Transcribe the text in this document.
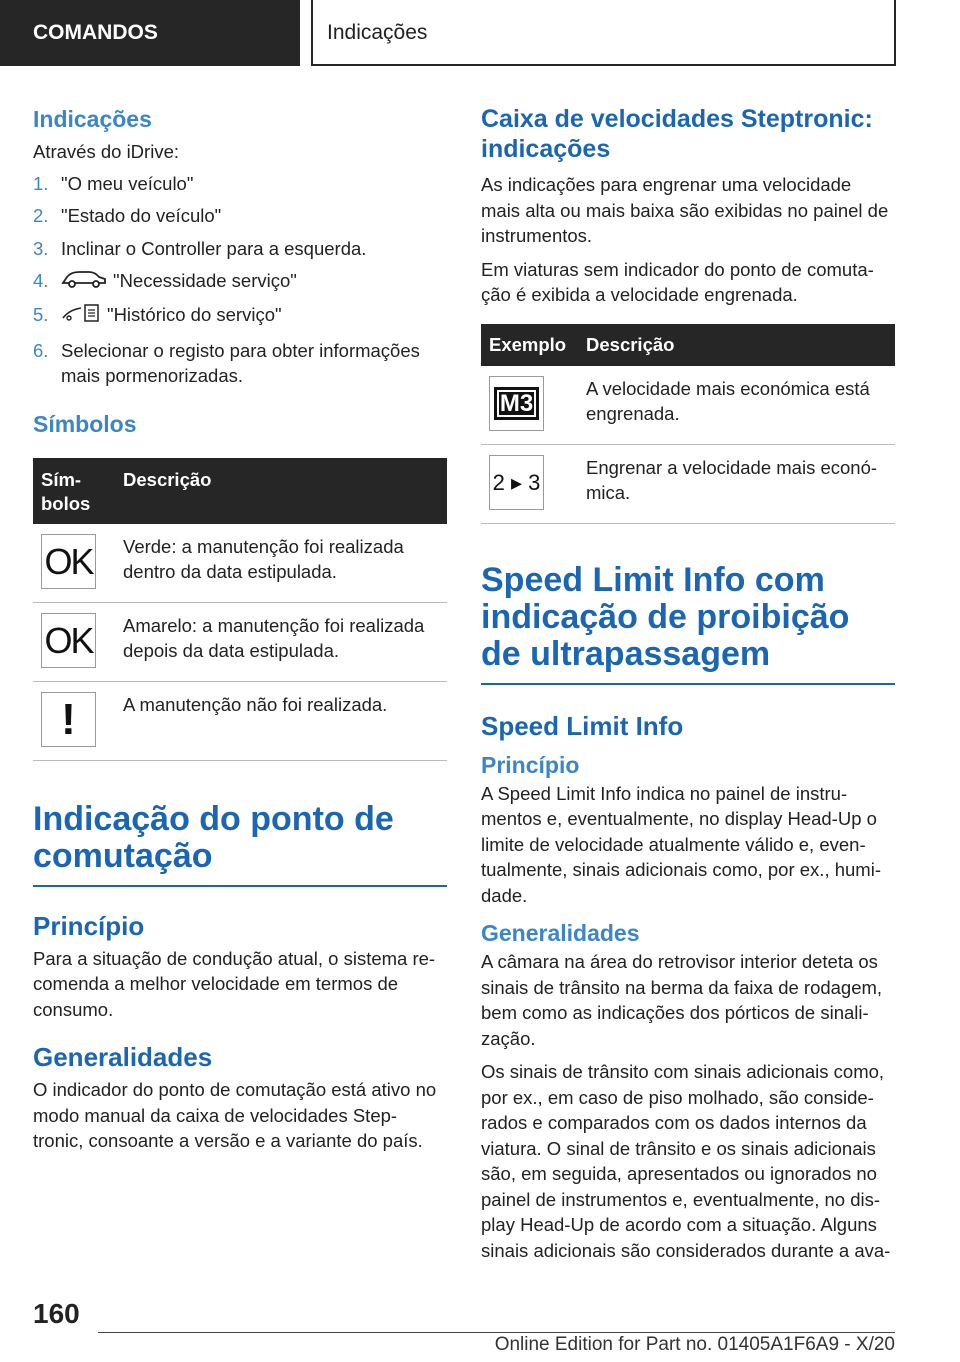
COMANDOS	Indicações
Indicações

Através do iDrive:

1. "O meu veículo"
2. "Estado do veículo"
3. Inclinar o Controller para a esquerda.
4.	"Necessidade serviço"
5.	"Histórico do serviço"
6. Selecionar o registo para obter informações mais pormenorizadas.
Símbolos
Sím-bolos	Descrição

OK	Verde: a manutenção foi realizada dentro da data estipulada.

OK	Amarelo: a manutenção foi realizada depois da data estipulada.

!	A manutenção não foi realizada.
Indicação do ponto de comutação
Princípio

Para a situação de condução atual, o sistema re-comenda a melhor velocidade em termos de consumo.

Generalidades

O indicador do ponto de comutação está ativo no modo manual da caixa de velocidades Step-tronic, consoante a versão e a variante do país.

Caixa de velocidades Steptronic: indicações

As indicações para engrenar uma velocidade mais alta ou mais baixa são exibidas no painel de instrumentos.

Em viaturas sem indicador do ponto de comuta-ção é exibida a velocidade engrenada.

Exemplo	Descrição

M3	A velocidade mais económica está engrenada.

2 ▸ 3	Engrenar a velocidade mais econó-mica.
Speed Limit Info com indicação de proibição de ultrapassagem
Speed Limit Info
Princípio

A Speed Limit Info indica no painel de instru-mentos e, eventualmente, no display Head-Up o limite de velocidade atualmente válido e, even-tualmente, sinais adicionais como, por ex., humi-dade.

Generalidades

A câmara na área do retrovisor interior deteta os sinais de trânsito na berma da faixa de rodagem, bem como as indicações dos pórticos de sinali-zação.

Os sinais de trânsito com sinais adicionais como, por ex., em caso de piso molhado, são conside-rados e comparados com os dados internos da viatura. O sinal de trânsito e os sinais adicionais são, em seguida, apresentados ou ignorados no painel de instrumentos e, eventualmente, no dis-play Head-Up de acordo com a situação. Alguns sinais adicionais são considerados durante a ava-

160
Online Edition for Part no. 01405A1F6A9 - X/20
